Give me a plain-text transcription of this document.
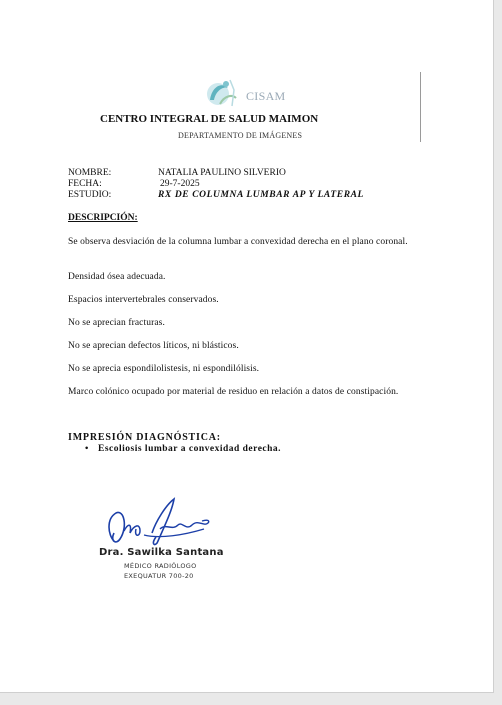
CISAM
CENTRO INTEGRAL DE SALUD MAIMON
DEPARTAMENTO DE IMÁGENES
NOMBRE:	NATALIA PAULINO SILVERIO
FECHA:	29-7-2025
ESTUDIO:	RX DE COLUMNA LUMBAR AP Y LATERAL
DESCRIPCIÓN:

Se observa desviación de la columna lumbar a convexidad derecha en el plano coronal.

Densidad ósea adecuada.

Espacios intervertebrales conservados.

No se aprecian fracturas.

No se aprecian defectos líticos, ni blásticos.

No se aprecia espondilolistesis, ni espondilólisis.

Marco colónico ocupado por material de residuo en relación a datos de constipación.

IMPRESIÓN DIAGNÓSTICA:
• Escoliosis lumbar a convexidad derecha.
Dra. Sawilka Santana
MÉDICO RADIÓLOGO
EXEQUATUR 700-20
